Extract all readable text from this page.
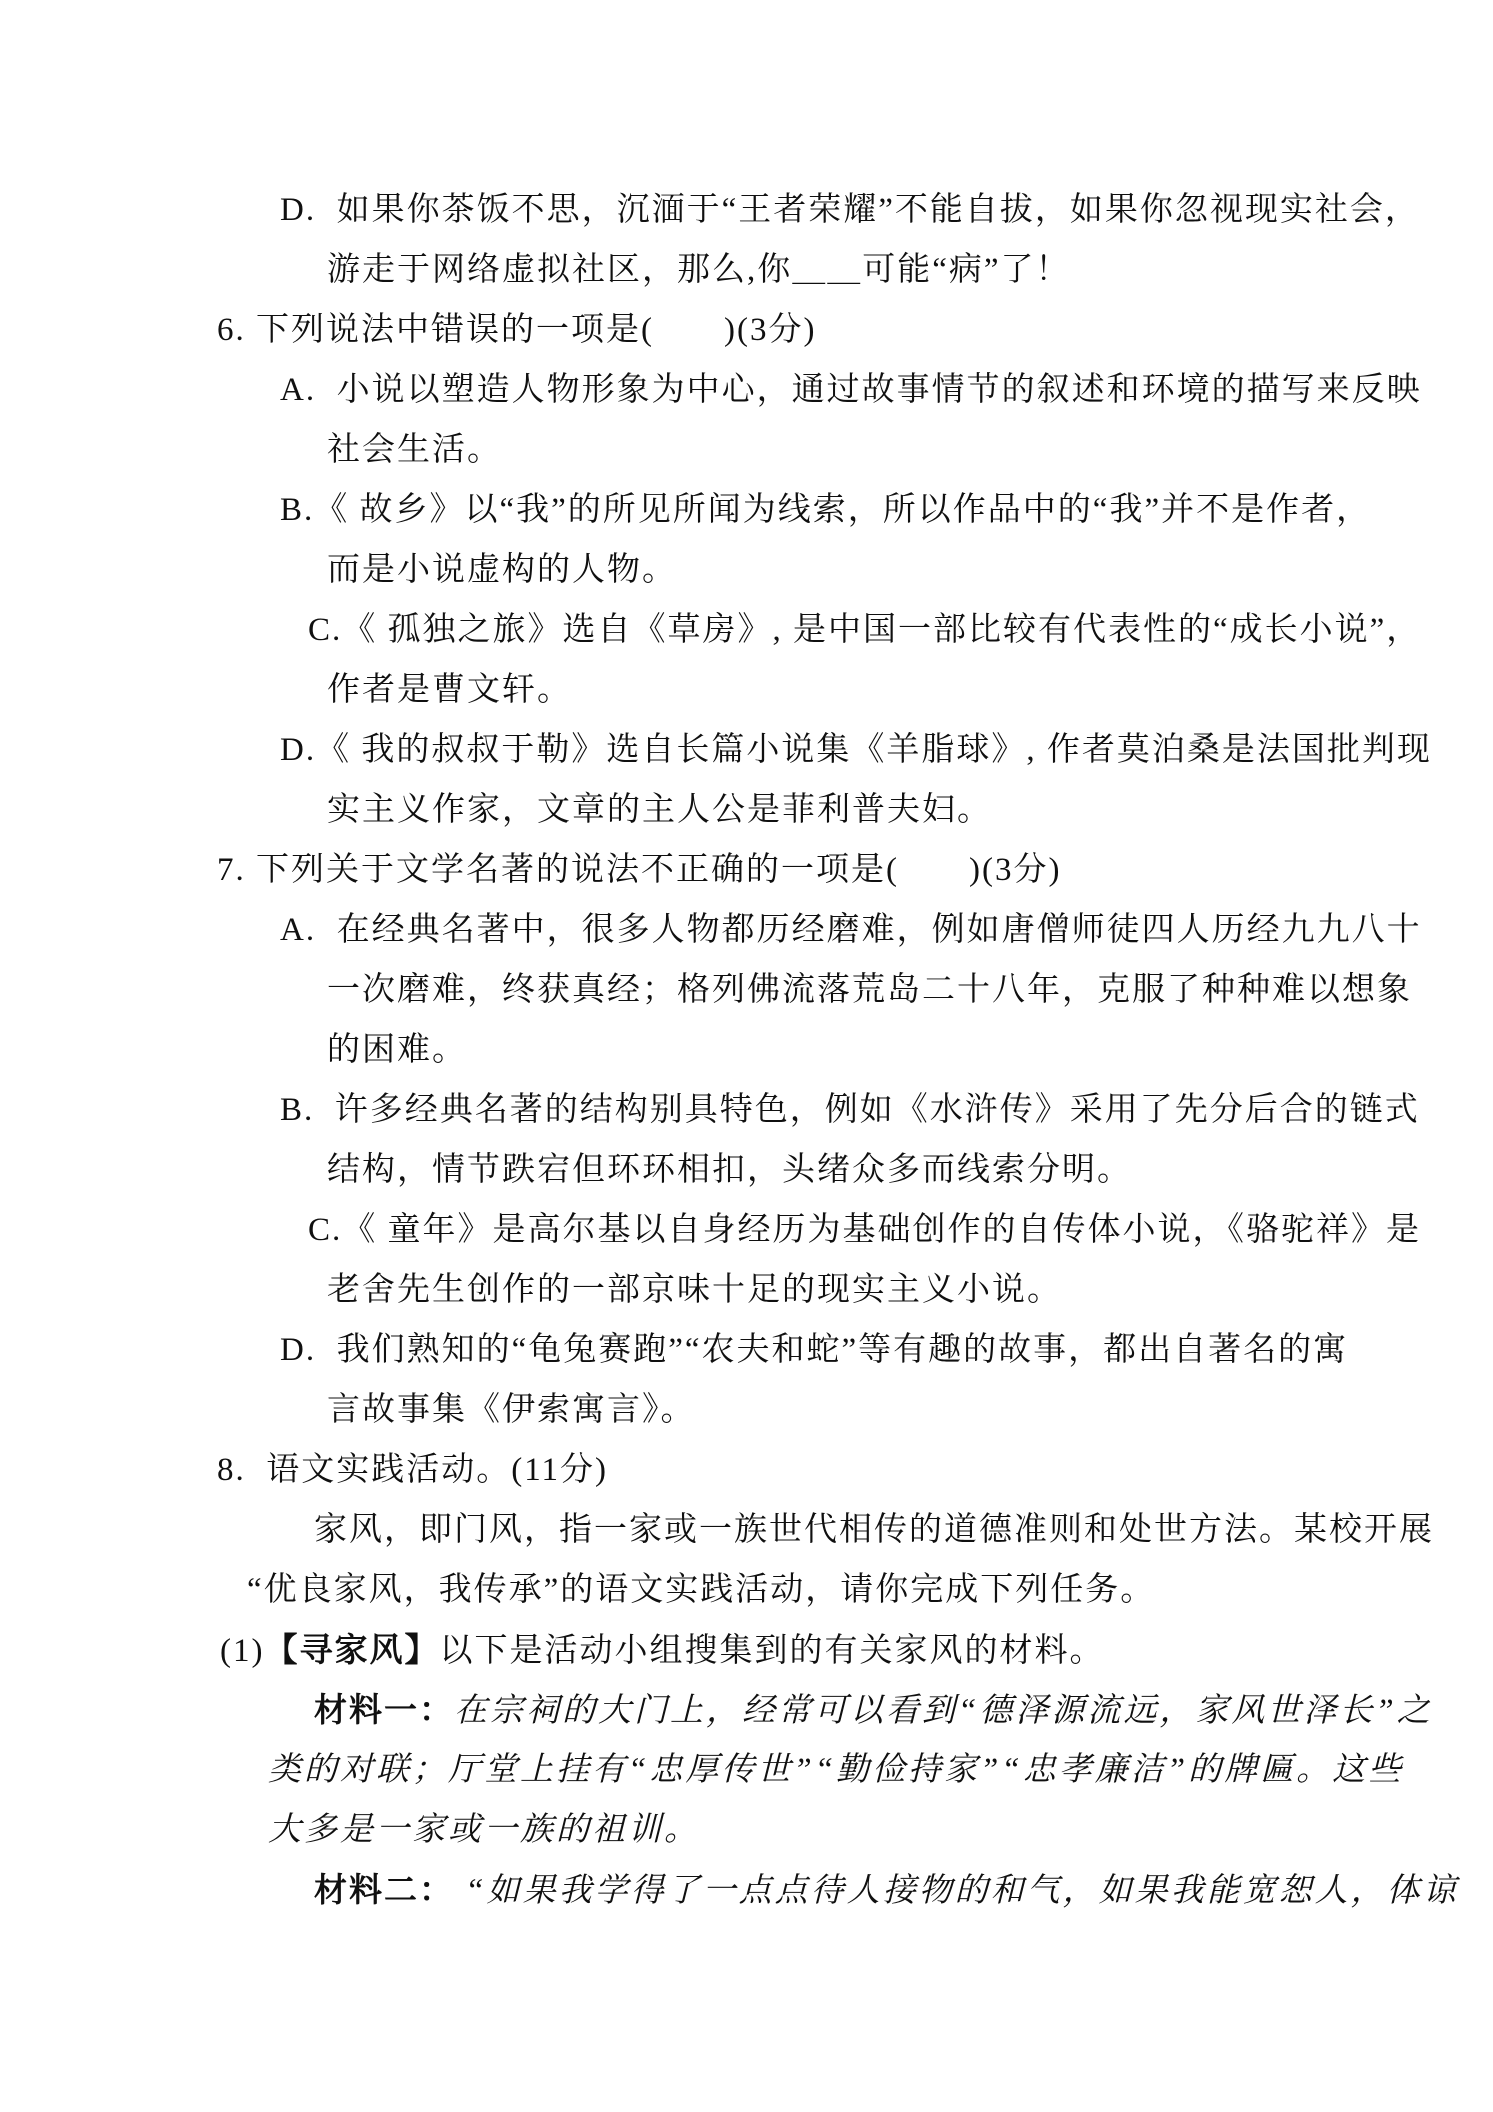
D.  如果你茶饭不思，沉湎于“王者荣耀”不能自拔，如果你忽视现实社会，
游走于网络虚拟社区，那么,你＿＿可能“病”了！
6. 下列说法中错误的一项是(　　)(3分)
A.  小说以塑造人物形象为中心，通过故事情节的叙述和环境的描写来反映
社会生活。
B.《 故乡》以“我”的所见所闻为线索，所以作品中的“我”并不是作者，
而是小说虚构的人物。
C.《 孤独之旅》选自《草房》, 是中国一部比较有代表性的“成长小说”，
作者是曹文轩。
D.《 我的叔叔于勒》选自长篇小说集《羊脂球》, 作者莫泊桑是法国批判现
实主义作家，文章的主人公是菲利普夫妇。
7. 下列关于文学名著的说法不正确的一项是(　　)(3分)
A.  在经典名著中，很多人物都历经磨难，例如唐僧师徒四人历经九九八十
一次磨难，终获真经；格列佛流落荒岛二十八年，克服了种种难以想象
的困难。
B.  许多经典名著的结构别具特色，例如《水浒传》采用了先分后合的链式
结构，情节跌宕但环环相扣，头绪众多而线索分明。
C.《 童年》是高尔基以自身经历为基础创作的自传体小说，《骆驼祥》是
老舍先生创作的一部京味十足的现实主义小说。
D.  我们熟知的“龟兔赛跑”“农夫和蛇”等有趣的故事，都出自著名的寓
言故事集《伊索寓言》。
8.  语文实践活动。(11分)
家风，即门风，指一家或一族世代相传的道德准则和处世方法。某校开展
“优良家风，我传承”的语文实践活动，请你完成下列任务。
(1)【寻家风】以下是活动小组搜集到的有关家风的材料。
材料一：在宗祠的大门上，经常可以看到“德泽源流远，家风世泽长”之
类的对联；厅堂上挂有“忠厚传世”“勤俭持家”“忠孝廉洁”的牌匾。这些
大多是一家或一族的祖训。
材料二： “如果我学得了一点点待人接物的和气，如果我能宽恕人，体谅
